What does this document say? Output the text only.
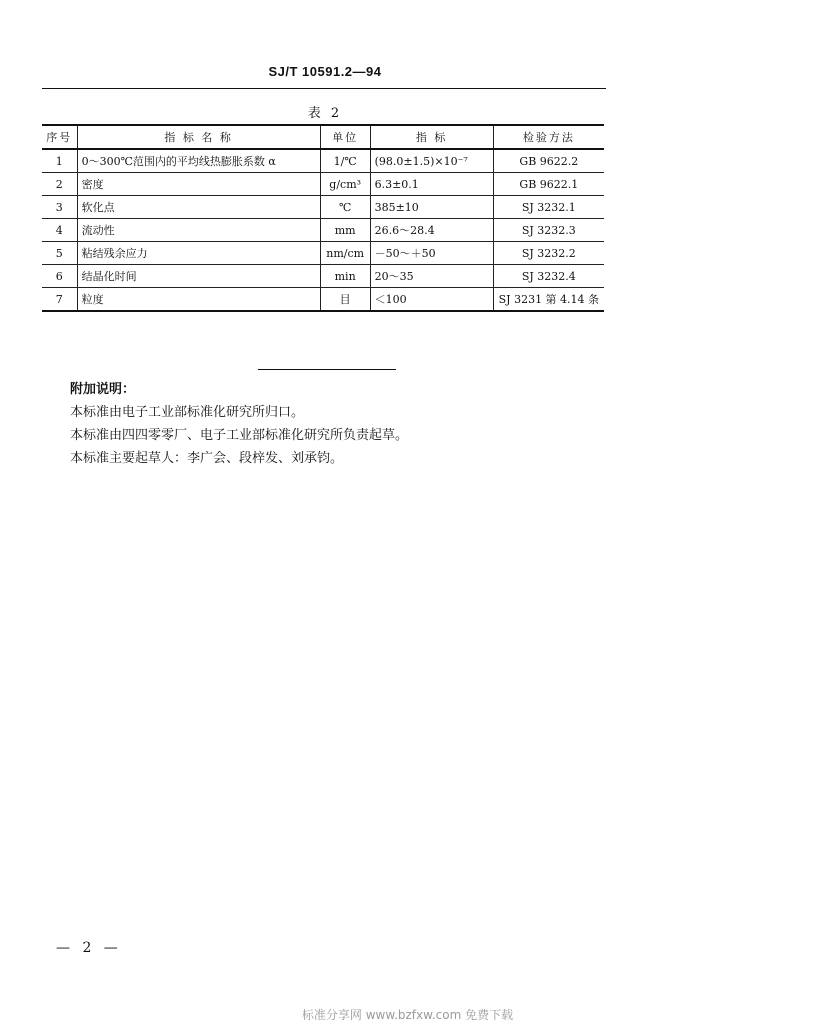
SJ/T 10591.2—94
表 2
序号	指 标 名 称	单位	指 标	检验方法
1	0～300℃范围内的平均线热膨胀系数 α	1/℃	(98.0±1.5)×10⁻⁷	GB 9622.2
2	密度	g/cm³	6.3±0.1	GB 9622.1
3	软化点	℃	385±10	SJ 3232.1
4	流动性	mm	26.6～28.4	SJ 3232.3
5	粘结残余应力	nm/cm	－50～＋50	SJ 3232.2
6	结晶化时间	min	20～35	SJ 3232.4
7	粒度	目	＜100	SJ 3231 第 4.14 条
附加说明：
本标准由电子工业部标准化研究所归口。
本标准由四四零零厂、电子工业部标准化研究所负责起草。
本标准主要起草人：李广会、段梓发、刘承钧。
— 2 —
标准分享网 www.bzfxw.com 免费下载
